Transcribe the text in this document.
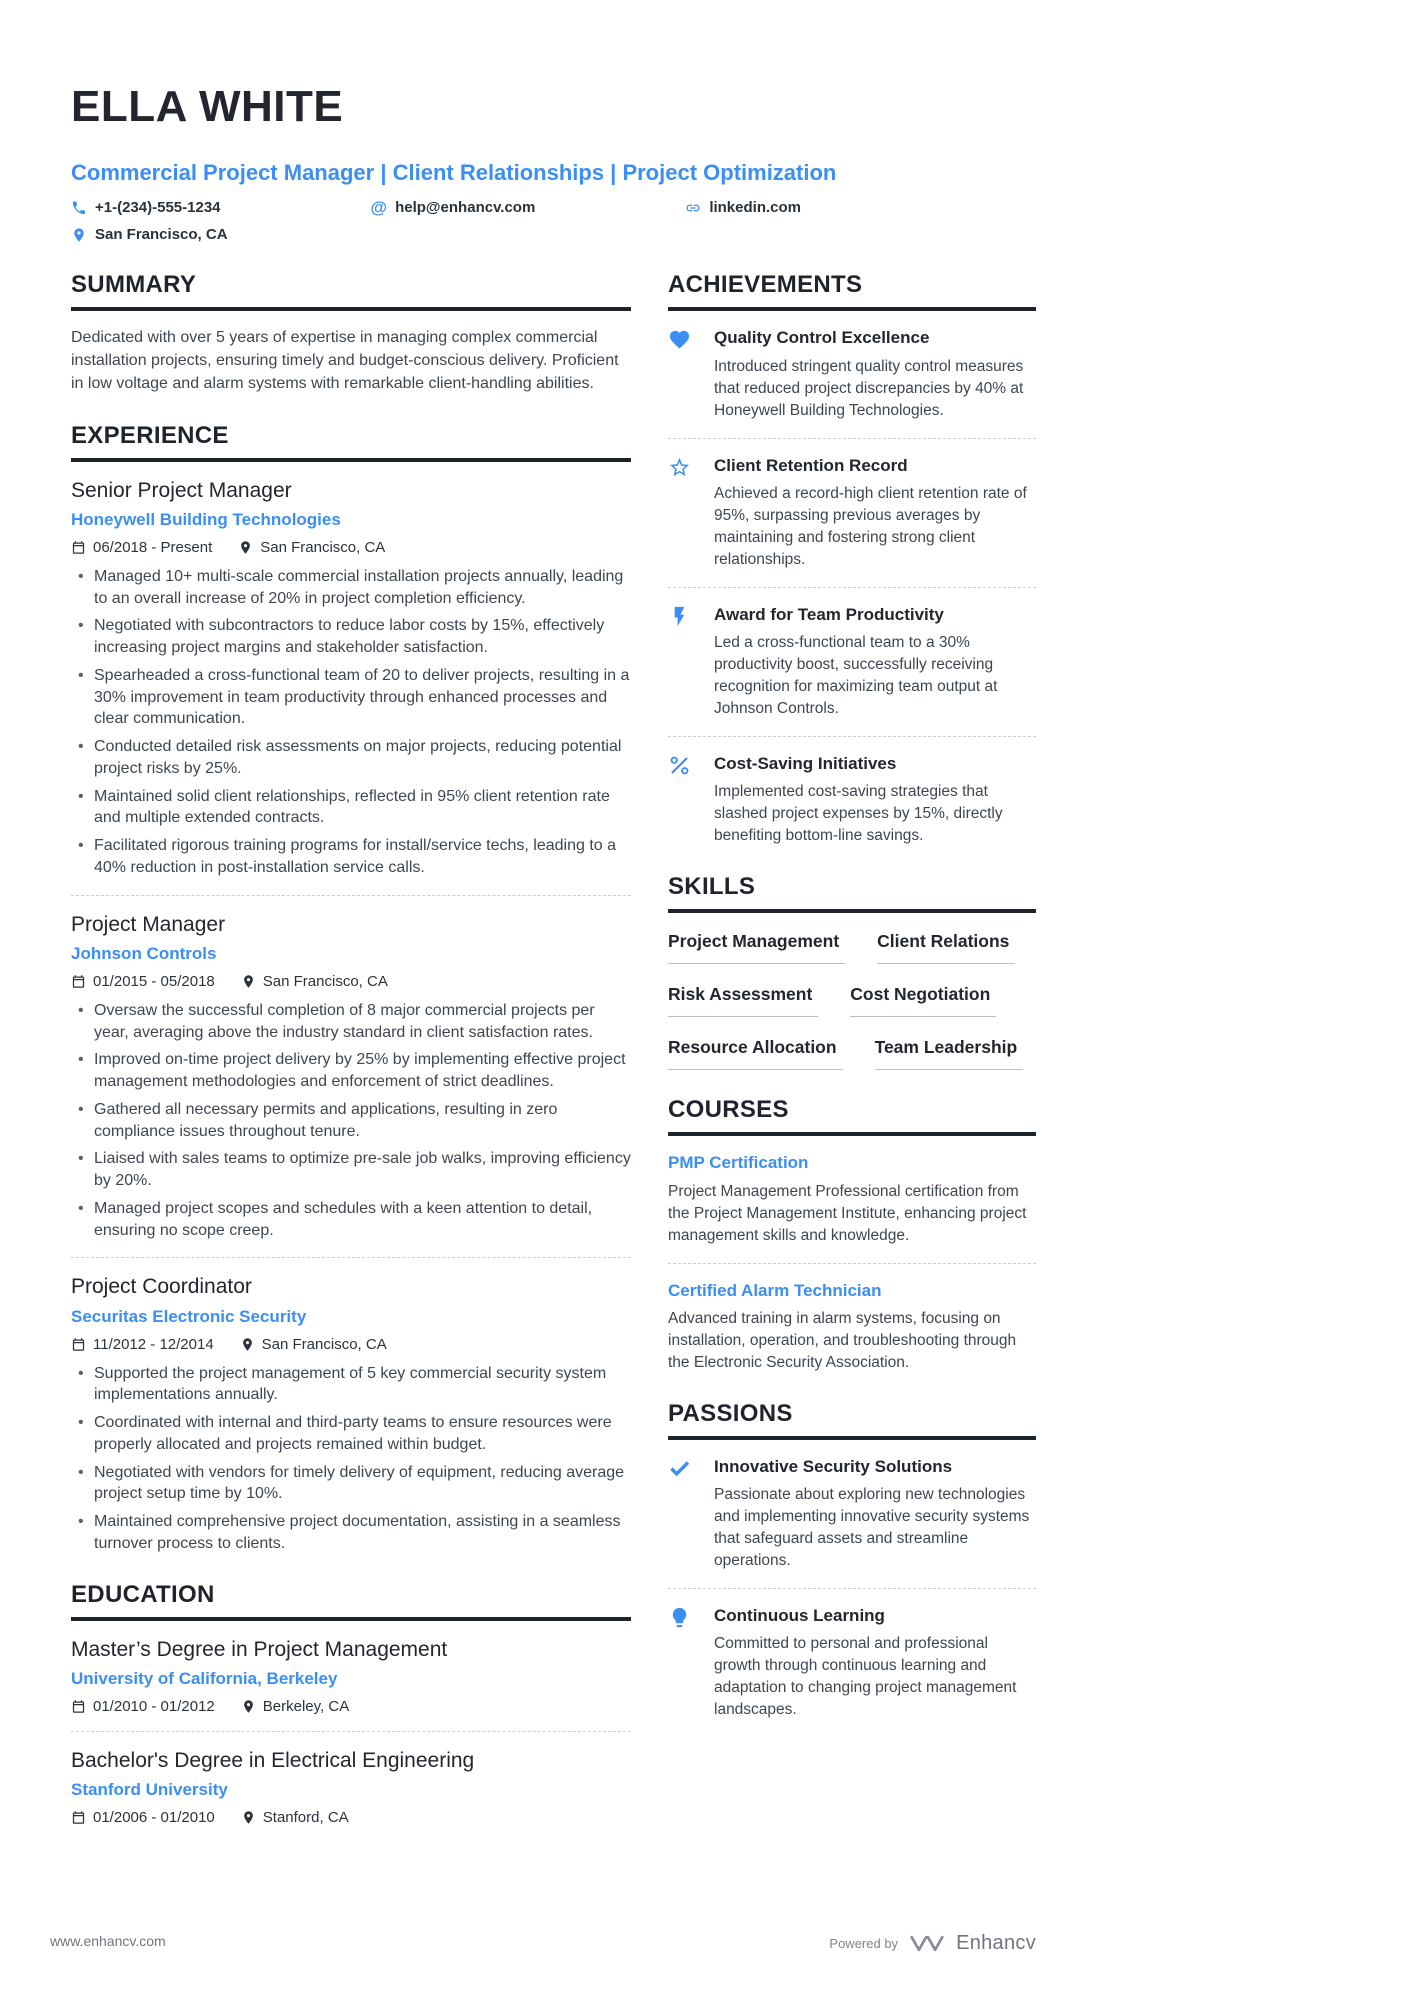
ELLA WHITE
Commercial Project Manager | Client Relationships | Project Optimization
+1-(234)-555-1234	@ help@enhancv.com	linkedin.com
San Francisco, CA
SUMMARY

Dedicated with over 5 years of expertise in managing complex commercial installation projects, ensuring timely and budget-conscious delivery. Proficient in low voltage and alarm systems with remarkable client-handling abilities.

EXPERIENCE
Senior Project Manager
Honeywell Building Technologies
06/2018 - Present	San Francisco, CA
• Managed 10+ multi-scale commercial installation projects annually, leading to an overall increase of 20% in project completion efficiency.
• Negotiated with subcontractors to reduce labor costs by 15%, effectively increasing project margins and stakeholder satisfaction.
• Spearheaded a cross-functional team of 20 to deliver projects, resulting in a 30% improvement in team productivity through enhanced processes and clear communication.
• Conducted detailed risk assessments on major projects, reducing potential project risks by 25%.
• Maintained solid client relationships, reflected in 95% client retention rate and multiple extended contracts.
• Facilitated rigorous training programs for install/service techs, leading to a 40% reduction in post-installation service calls.
Project Manager
Johnson Controls
01/2015 - 05/2018	San Francisco, CA
• Oversaw the successful completion of 8 major commercial projects per year, averaging above the industry standard in client satisfaction rates.
• Improved on-time project delivery by 25% by implementing effective project management methodologies and enforcement of strict deadlines.
• Gathered all necessary permits and applications, resulting in zero compliance issues throughout tenure.
• Liaised with sales teams to optimize pre-sale job walks, improving efficiency by 20%.
• Managed project scopes and schedules with a keen attention to detail, ensuring no scope creep.
Project Coordinator
Securitas Electronic Security
11/2012 - 12/2014	San Francisco, CA
• Supported the project management of 5 key commercial security system implementations annually.
• Coordinated with internal and third-party teams to ensure resources were properly allocated and projects remained within budget.
• Negotiated with vendors for timely delivery of equipment, reducing average project setup time by 10%.
• Maintained comprehensive project documentation, assisting in a seamless turnover process to clients.
EDUCATION
Master’s Degree in Project Management
University of California, Berkeley
01/2010 - 01/2012	Berkeley, CA
Bachelor's Degree in Electrical Engineering
Stanford University
01/2006 - 01/2010	Stanford, CA
ACHIEVEMENTS
Quality Control Excellence
Introduced stringent quality control measures that reduced project discrepancies by 40% at Honeywell Building Technologies.
Client Retention Record
Achieved a record-high client retention rate of 95%, surpassing previous averages by maintaining and fostering strong client relationships.
Award for Team Productivity
Led a cross-functional team to a 30% productivity boost, successfully receiving recognition for maximizing team output at Johnson Controls.
Cost-Saving Initiatives
Implemented cost-saving strategies that slashed project expenses by 15%, directly benefiting bottom-line savings.
SKILLS
Project Management	Client Relations
Risk Assessment	Cost Negotiation
Resource Allocation	Team Leadership
COURSES
PMP Certification
Project Management Professional certification from the Project Management Institute, enhancing project management skills and knowledge.
Certified Alarm Technician
Advanced training in alarm systems, focusing on installation, operation, and troubleshooting through the Electronic Security Association.
PASSIONS
Innovative Security Solutions
Passionate about exploring new technologies and implementing innovative security systems that safeguard assets and streamline operations.
Continuous Learning
Committed to personal and professional growth through continuous learning and adaptation to changing project management landscapes.
www.enhancv.com	Powered by	Enhancv
